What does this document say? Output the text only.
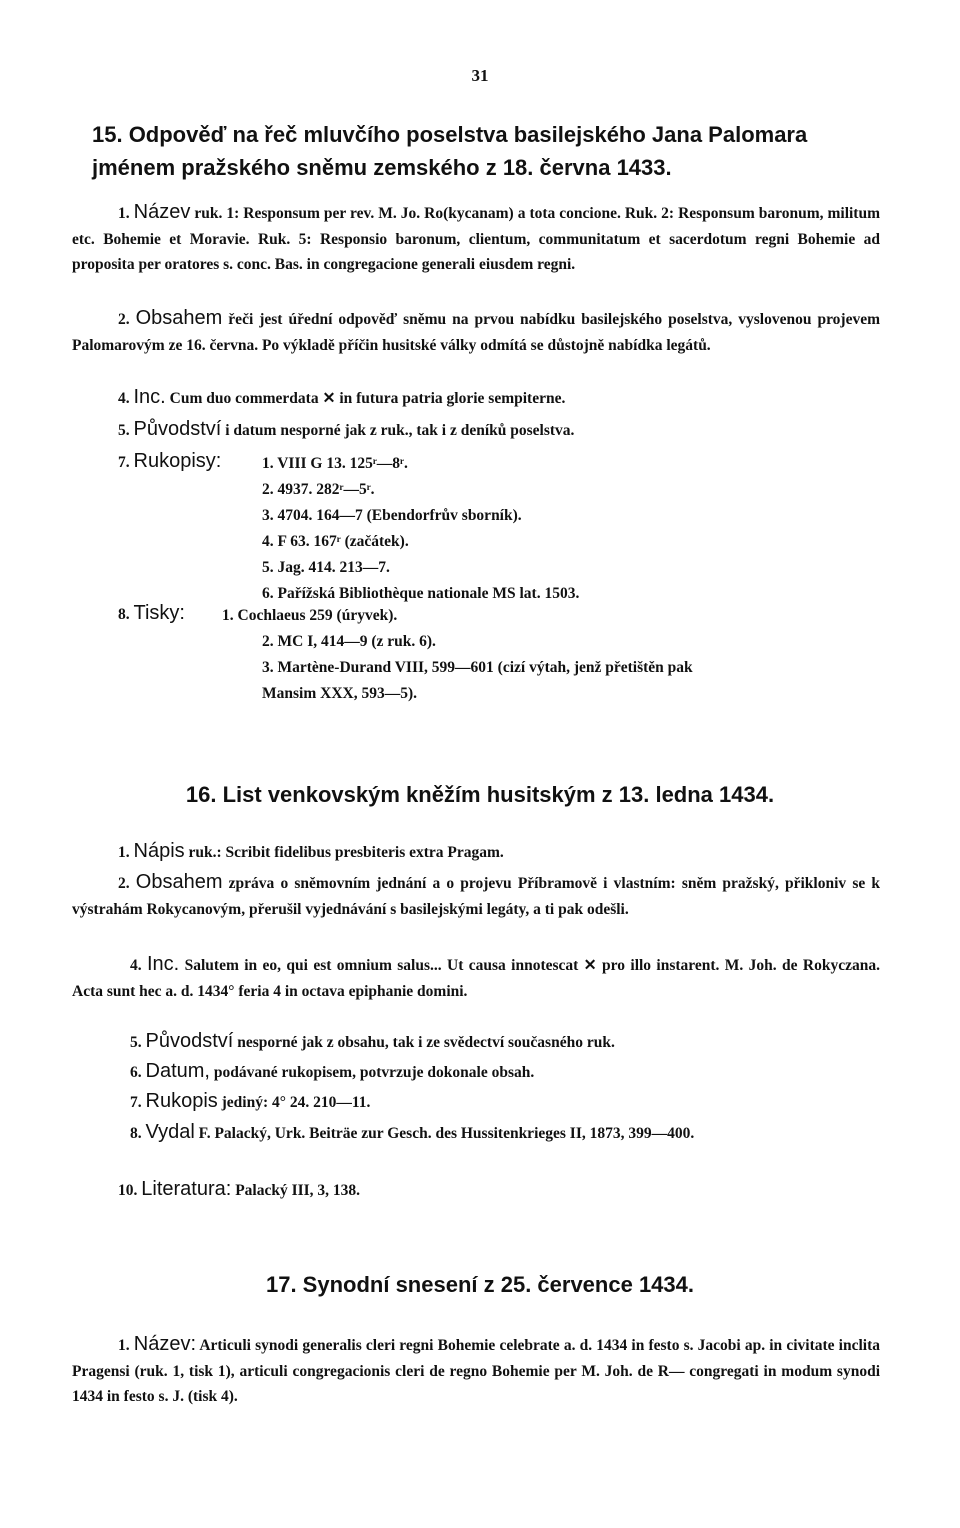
31
15. Odpověď na řeč mluvčího poselstva basilejského Jana Palomara jménem pražského sněmu zemského z 18. června 1433.
1. Název ruk. 1: Responsum per rev. M. Jo. Ro(kycanam) a tota concione. Ruk. 2: Responsum baronum, militum etc. Bohemie et Moravie. Ruk. 5: Responsio baronum, clientum, communitatum et sacerdotum regni Bohemie ad proposita per oratores s. conc. Bas. in congregacione generali eiusdem regni.
2. Obsahem řeči jest úřední odpověď sněmu na prvou nabídku basilejského poselstva, vyslovenou projevem Palomarovým ze 16. června. Po výkladě příčin husitské války odmítá se důstojně nabídka legátů.
4. Inc. Cum duo commerdata ✕ in futura patria glorie sempiterne.
5. Původství i datum nesporné jak z ruk., tak i z deníků poselstva.
7. Rukopisy:	1. VIII G 13. 125ʳ—8ʳ.
2. 4937. 282ʳ—5ʳ.
3. 4704. 164—7 (Ebendorfrův sborník).
4. F 63. 167ʳ (začátek).
5. Jag. 414. 213—7.
6. Pařížská Bibliothèque nationale MS lat. 1503.
8. Tisky: 1. Cochlaeus 259 (úryvek).
2. MC I, 414—9 (z ruk. 6).
3. Martène-Durand VIII, 599—601 (cizí výtah, jenž přetištěn pak
Mansim XXX, 593—5).
16. List venkovským kněžím husitským z 13. ledna 1434.
1. Nápis ruk.: Scribit fidelibus presbiteris extra Pragam.
2. Obsahem zpráva o sněmovním jednání a o projevu Příbramově i vlastním: sněm pražský, přikloniv se k výstrahám Rokycanovým, přerušil vyjednávání s basilejskými legáty, a ti pak odešli.
4. Inc. Salutem in eo, qui est omnium salus... Ut causa innotescat ✕ pro illo instarent. M. Joh. de Rokyczana. Acta sunt hec a. d. 1434° feria 4 in octava epiphanie domini.
5. Původství nesporné jak z obsahu, tak i ze svědectví současného ruk.
6. Datum, podávané rukopisem, potvrzuje dokonale obsah.
7. Rukopis jediný: 4° 24. 210—11.
8. Vydal F. Palacký, Urk. Beiträe zur Gesch. des Hussitenkrieges II, 1873, 399—400.
10. Literatura: Palacký III, 3, 138.
17. Synodní snesení z 25. července 1434.
1. Název: Articuli synodi generalis cleri regni Bohemie celebrate a. d. 1434 in festo s. Jacobi ap. in civitate inclita Pragensi (ruk. 1, tisk 1), articuli congregacionis cleri de regno Bohemie per M. Joh. de R— congregati in modum synodi 1434 in festo s. J. (tisk 4).
